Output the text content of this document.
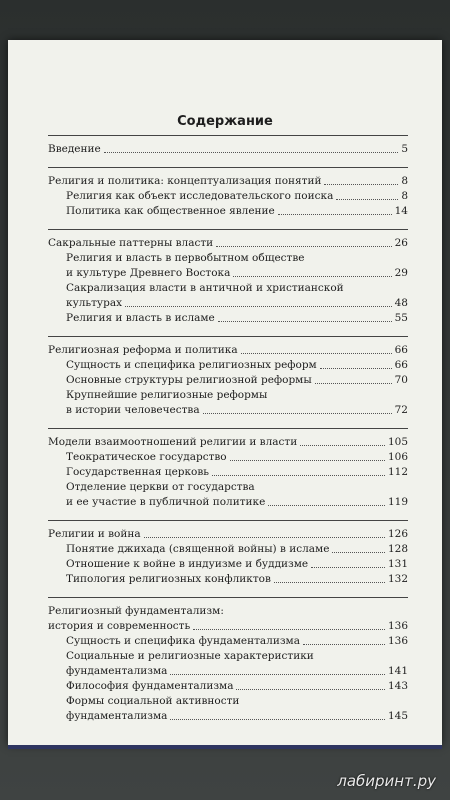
Содержание
Введение	5
Религия и политика: концептуализация понятий	8
Религия как объект исследовательского поиска	8
Политика как общественное явление	14
Сакральные паттерны власти	26
Религия и власть в первобытном обществе
и культуре Древнего Востока	29
Сакрализация власти в античной и христианской
культурах	48
Религия и власть в исламе	55
Религиозная реформа и политика	66
Сущность и специфика религиозных реформ	66
Основные структуры религиозной реформы	70
Крупнейшие религиозные реформы
в истории человечества	72
Модели взаимоотношений религии и власти	105
Теократическое государство	106
Государственная церковь	112
Отделение церкви от государства
и ее участие в публичной политике	119
Религии и война	126
Понятие джихада (священной войны) в исламе	128
Отношение к войне в индуизме и буддизме	131
Типология религиозных конфликтов	132
Религиозный фундаментализм:
история и современность	136
Сущность и специфика фундаментализма	136
Социальные и религиозные характеристики
фундаментализма	141
Философия фундаментализма	143
Формы социальной активности
фундаментализма	145
лабиринт.ру
